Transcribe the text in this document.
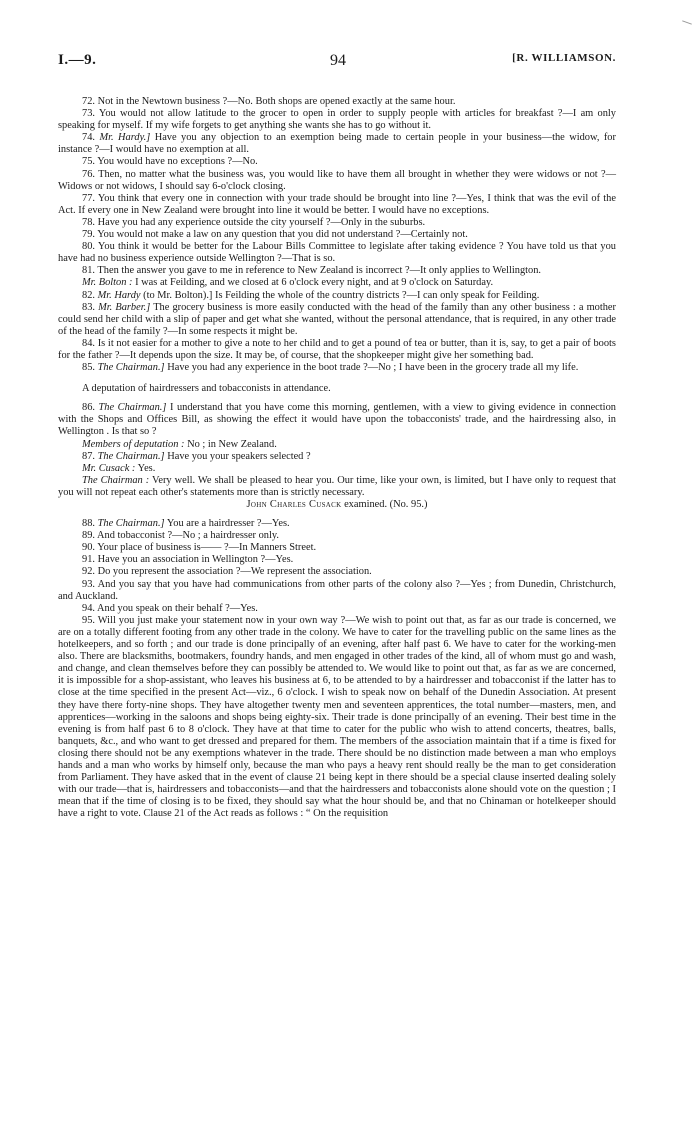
I.—9.	94	[R. WILLIAMSON.

72. Not in the Newtown business ?—No. Both shops are opened exactly at the same hour.

73. You would not allow latitude to the grocer to open in order to supply people with articles for breakfast ?—I am only speaking for myself. If my wife forgets to get anything she wants she has to go without it.

74. Mr. Hardy.] Have you any objection to an exemption being made to certain people in your business—the widow, for instance ?—I would have no exemption at all.

75. You would have no exceptions ?—No.

76. Then, no matter what the business was, you would like to have them all brought in whether they were widows or not ?—Widows or not widows, I should say 6-o'clock closing.

77. You think that every one in connection with your trade should be brought into line ?—Yes, I think that was the evil of the Act. If every one in New Zealand were brought into line it would be better. I would have no exceptions.

78. Have you had any experience outside the city yourself ?—Only in the suburbs.

79. You would not make a law on any question that you did not understand ?—Certainly not.

80. You think it would be better for the Labour Bills Committee to legislate after taking evidence ? You have told us that you have had no business experience outside Wellington ?—That is so.

81. Then the answer you gave to me in reference to New Zealand is incorrect ?—It only applies to Wellington.

Mr. Bolton : I was at Feilding, and we closed at 6 o'clock every night, and at 9 o'clock on Saturday.

82. Mr. Hardy (to Mr. Bolton).] Is Feilding the whole of the country districts ?—I can only speak for Feilding.

83. Mr. Barber.] The grocery business is more easily conducted with the head of the family than any other business : a mother could send her child with a slip of paper and get what she wanted, without the personal attendance, that is required, in any other trade of the head of the family ?—In some respects it might be.

84. Is it not easier for a mother to give a note to her child and to get a pound of tea or butter, than it is, say, to get a pair of boots for the father ?—It depends upon the size. It may be, of course, that the shopkeeper might give her something bad.

85. The Chairman.] Have you had any experience in the boot trade ?—No ; I have been in the grocery trade all my life.

A deputation of hairdressers and tobacconists in attendance.

86. The Chairman.] I understand that you have come this morning, gentlemen, with a view to giving evidence in connection with the Shops and Offices Bill, as showing the effect it would have upon the tobacconists' trade, and the hairdressing also, in Wellington . Is that so ?

Members of deputation : No ; in New Zealand.

87. The Chairman.] Have you your speakers selected ?

Mr. Cusack : Yes.

The Chairman : Very well. We shall be pleased to hear you. Our time, like your own, is limited, but I have only to request that you will not repeat each other's statements more than is strictly necessary.

John Charles Cusack examined. (No. 95.)

88. The Chairman.] You are a hairdresser ?—Yes.

89. And tobacconist ?—No ; a hairdresser only.

90. Your place of business is—— ?—In Manners Street.

91. Have you an association in Wellington ?—Yes.

92. Do you represent the association ?—We represent the association.

93. And you say that you have had communications from other parts of the colony also ?—Yes ; from Dunedin, Christchurch, and Auckland.

94. And you speak on their behalf ?—Yes.

95. Will you just make your statement now in your own way ?—We wish to point out that, as far as our trade is concerned, we are on a totally different footing from any other trade in the colony. We have to cater for the travelling public on the same lines as the hotelkeepers, and so forth ; and our trade is done principally of an evening, after half past 6. We have to cater for the working-men also. There are blacksmiths, bootmakers, foundry hands, and men engaged in other trades of the kind, all of whom must go and wash, and change, and clean themselves before they can possibly be attended to. We would like to point out that, as far as we are concerned, it is impossible for a shop-assistant, who leaves his business at 6, to be attended to by a hairdresser and tobacconist if the latter has to close at the time specified in the present Act—viz., 6 o'clock. I wish to speak now on behalf of the Dunedin Association. At present they have there forty-nine shops. They have altogether twenty men and seventeen apprentices, the total number—masters, men, and apprentices—working in the saloons and shops being eighty-six. Their trade is done principally of an evening. Their best time in the evening is from half past 6 to 8 o'clock. They have at that time to cater for the public who wish to attend concerts, theatres, balls, banquets, &c., and who want to get dressed and prepared for them. The members of the association maintain that if a time is fixed for closing there should not be any exemptions whatever in the trade. There should be no distinction made between a man who employs hands and a man who works by himself only, because the man who pays a heavy rent should really be the man to get consideration from Parliament. They have asked that in the event of clause 21 being kept in there should be a special clause inserted dealing solely with our trade—that is, hairdressers and tobacconists—and that the hairdressers and tobacconists alone should vote on the question ; I mean that if the time of closing is to be fixed, they should say what the hour should be, and that no Chinaman or hotelkeeper should have a right to vote. Clause 21 of the Act reads as follows : “ On the requisition
